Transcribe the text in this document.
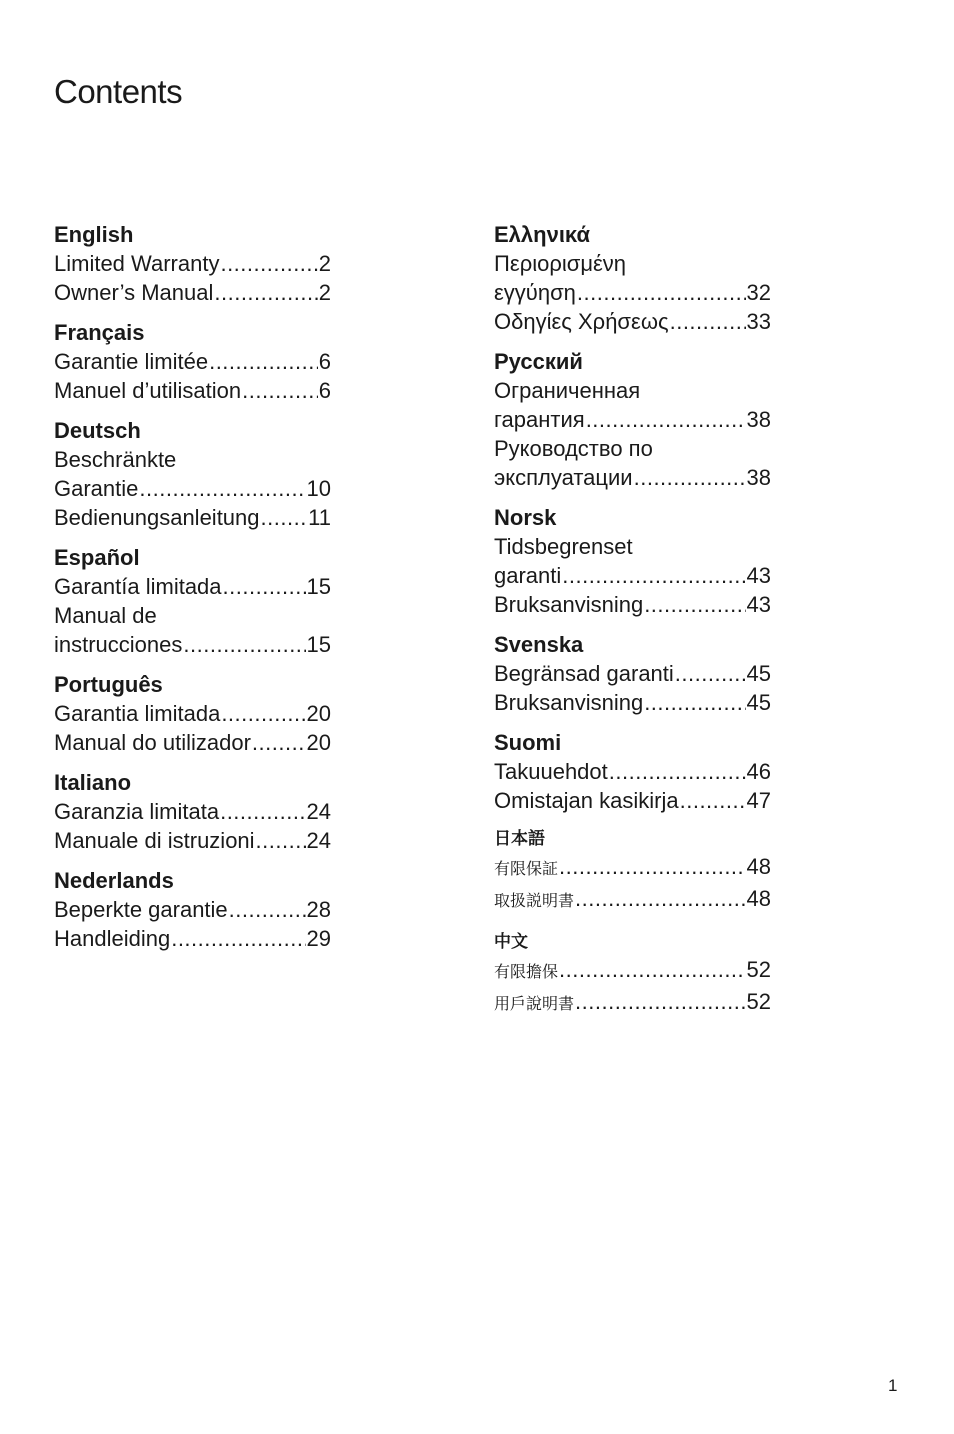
Contents
English
Limited Warranty .....	2
Owner’s Manual .....	2
Français
Garantie limitée .....	6
Manuel d’utilisation .....	6
Deutsch
Beschränkte
Garantie .....	10
Bedienungsanleitung ..... 11
Español
Garantía limitada .....	15
Manual de
instrucciones .....	15
Português
Garantia limitada .....	20
Manual do utilizador .....	20
Italiano
Garanzia limitata .....	24
Manuale di istruzioni ..... 24
Nederlands
Beperkte garantie .....	28
Handleiding .....	29
Ελληνικά
Περιορισμένη
εγγύηση .....	32
Οδηγίες Χρήσεως .....	33
Русский
Ограниченная
гарантия .....	38
Руководство по
эксплуатации .....	38
Norsk
Tidsbegrenset
garanti .....	43
Bruksanvisning .....	43
Svenska
Begränsad garanti .....	45
Bruksanvisning .....	45
Suomi
Takuuehdot .....	46
Omistajan kasikirja .....	47
日本語
有限保証 .....	48
取扱説明書 .....	48
中文
有限擔保 .....	52
用戶說明書 .....	52
1
